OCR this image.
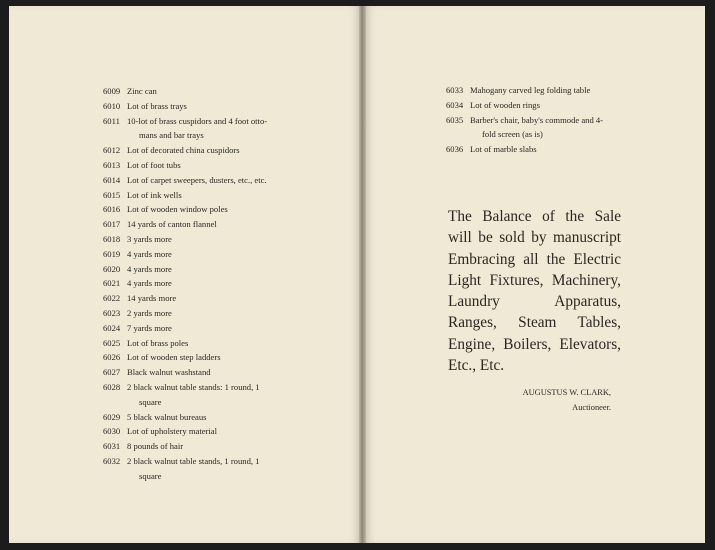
6009 Zinc can
6010 Lot of brass trays
6011 10-lot of brass cuspidors and 4 foot otto-
mans and bar trays
6012 Lot of decorated china cuspidors
6013 Lot of foot tubs
6014 Lot of carpet sweepers, dusters, etc., etc.
6015 Lot of ink wells
6016 Lot of wooden window poles
6017 14 yards of canton flannel
6018 3 yards more
6019 4 yards more
6020 4 yards more
6021 4 yards more
6022 14 yards more
6023 2 yards more
6024 7 yards more
6025 Lot of brass poles
6026 Lot of wooden step ladders
6027 Black walnut washstand
6028 2 black walnut table stands: 1 round, 1
square
6029 5 black walnut bureaus
6030 Lot of upholstery material
6031 8 pounds of hair
6032 2 black walnut table stands, 1 round, 1
square
6033 Mahogany carved leg folding table
6034 Lot of wooden rings
6035 Barber's chair, baby's commode and 4-
fold screen (as is)
6036 Lot of marble slabs

The Balance of the Sale will be sold by manuscript Embracing all the Electric Light Fixtures, Machinery, Laundry Apparatus, Ranges, Steam Tables, Engine, Boilers, Elevators, Etc., Etc.

AUGUSTUS W. CLARK,
Auctioneer.
